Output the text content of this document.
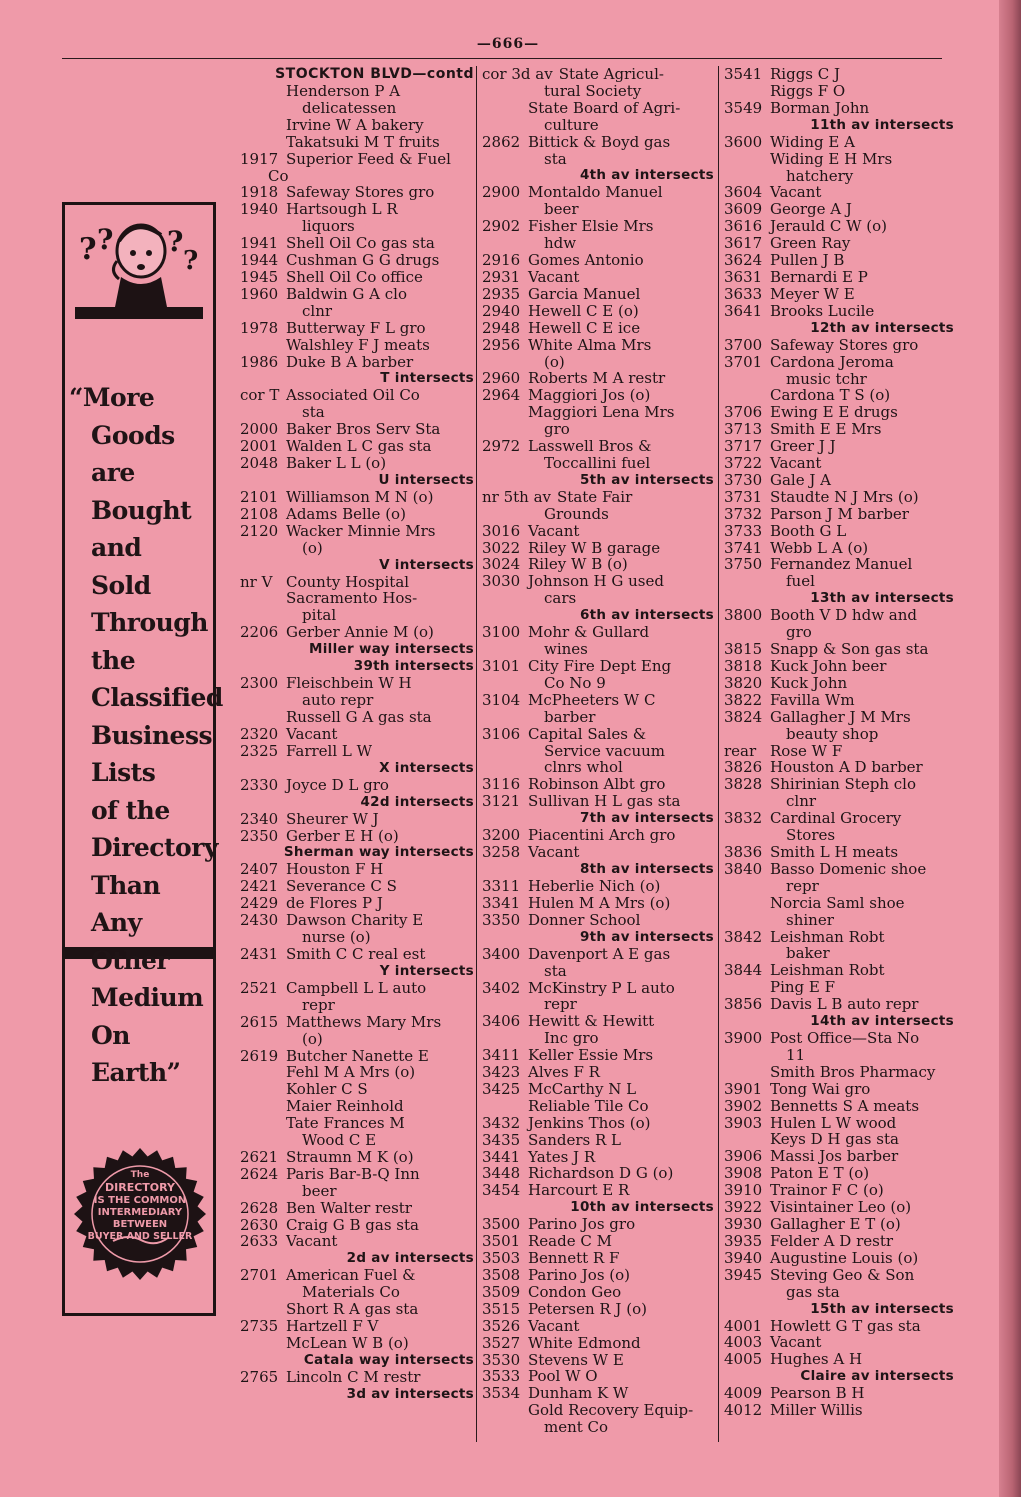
—666—
? ? ?
?
“More
Goods
are
Bought
and
Sold
Through
the
Classified
Business
Lists
of the
Directory
Than
Any
Other
Medium
On
Earth”
The
DIRECTORY
IS THE COMMON
INTERMEDIARY
BETWEEN
BUYER AND SELLER
STOCKTON BLVD—contd
Henderson P A
delicatessen
Irvine W A bakery
Takatsuki M T fruits
1917 Superior Feed & Fuel
Co
1918 Safeway Stores gro
1940 Hartsough L R
liquors
1941 Shell Oil Co gas sta
1944 Cushman G G drugs
1945 Shell Oil Co office
1960 Baldwin G A clo
clnr
1978 Butterway F L gro
Walshley F J meats
1986 Duke B A barber
T intersects
cor T Associated Oil Co
sta
2000 Baker Bros Serv Sta
2001 Walden L C gas sta
2048 Baker L L (o)
U intersects
2101 Williamson M N (o)
2108 Adams Belle (o)
2120 Wacker Minnie Mrs
(o)
V intersects
nr V County Hospital
Sacramento Hos-
pital
2206 Gerber Annie M (o)
Miller way intersects
39th intersects
2300 Fleischbein W H
auto repr
Russell G A gas sta
2320 Vacant
2325 Farrell L W
X intersects
2330 Joyce D L gro
42d intersects
2340 Sheurer W J
2350 Gerber E H (o)
Sherman way intersects
2407 Houston F H
2421 Severance C S
2429 de Flores P J
2430 Dawson Charity E
nurse (o)
2431 Smith C C real est
Y intersects
2521 Campbell L L auto
repr
2615 Matthews Mary Mrs
(o)
2619 Butcher Nanette E
Fehl M A Mrs (o)
Kohler C S
Maier Reinhold
Tate Frances M
Wood C E
2621 Straumn M K (o)
2624 Paris Bar-B-Q Inn
beer
2628 Ben Walter restr
2630 Craig G B gas sta
2633 Vacant
2d av intersects
2701 American Fuel &
Materials Co
Short R A gas sta
2735 Hartzell F V
McLean W B (o)
Catala way intersects
2765 Lincoln C M restr
3d av intersects
cor 3d av State Agricul-
tural Society
State Board of Agri-
culture
2862 Bittick & Boyd gas
sta
4th av intersects
2900 Montaldo Manuel
beer
2902 Fisher Elsie Mrs
hdw
2916 Gomes Antonio
2931 Vacant
2935 Garcia Manuel
2940 Hewell C E (o)
2948 Hewell C E ice
2956 White Alma Mrs
(o)
2960 Roberts M A restr
2964 Maggiori Jos (o)
Maggiori Lena Mrs
gro
2972 Lasswell Bros &
Toccallini fuel
5th av intersects
nr 5th av State Fair
Grounds
3016 Vacant
3022 Riley W B garage
3024 Riley W B (o)
3030 Johnson H G used
cars
6th av intersects
3100 Mohr & Gullard
wines
3101 City Fire Dept Eng
Co No 9
3104 McPheeters W C
barber
3106 Capital Sales &
Service vacuum
clnrs whol
3116 Robinson Albt gro
3121 Sullivan H L gas sta
7th av intersects
3200 Piacentini Arch gro
3258 Vacant
8th av intersects
3311 Heberlie Nich (o)
3341 Hulen M A Mrs (o)
3350 Donner School
9th av intersects
3400 Davenport A E gas
sta
3402 McKinstry P L auto
repr
3406 Hewitt & Hewitt
Inc gro
3411 Keller Essie Mrs
3423 Alves F R
3425 McCarthy N L
Reliable Tile Co
3432 Jenkins Thos (o)
3435 Sanders R L
3441 Yates J R
3448 Richardson D G (o)
3454 Harcourt E R
10th av intersects
3500 Parino Jos gro
3501 Reade C M
3503 Bennett R F
3508 Parino Jos (o)
3509 Condon Geo
3515 Petersen R J (o)
3526 Vacant
3527 White Edmond
3530 Stevens W E
3533 Pool W O
3534 Dunham K W
Gold Recovery Equip-
ment Co
3541 Riggs C J
Riggs F O
3549 Borman John
11th av intersects
3600 Widing E A
Widing E H Mrs
hatchery
3604 Vacant
3609 George A J
3616 Jerauld C W (o)
3617 Green Ray
3624 Pullen J B
3631 Bernardi E P
3633 Meyer W E
3641 Brooks Lucile
12th av intersects
3700 Safeway Stores gro
3701 Cardona Jeroma
music tchr
Cardona T S (o)
3706 Ewing E E drugs
3713 Smith E E Mrs
3717 Greer J J
3722 Vacant
3730 Gale J A
3731 Staudte N J Mrs (o)
3732 Parson J M barber
3733 Booth G L
3741 Webb L A (o)
3750 Fernandez Manuel
fuel
13th av intersects
3800 Booth V D hdw and
gro
3815 Snapp & Son gas sta
3818 Kuck John beer
3820 Kuck John
3822 Favilla Wm
3824 Gallagher J M Mrs
beauty shop
rear Rose W F
3826 Houston A D barber
3828 Shirinian Steph clo
clnr
3832 Cardinal Grocery
Stores
3836 Smith L H meats
3840 Basso Domenic shoe
repr
Norcia Saml shoe
shiner
3842 Leishman Robt
baker
3844 Leishman Robt
Ping E F
3856 Davis L B auto repr
14th av intersects
3900 Post Office—Sta No
11
Smith Bros Pharmacy
3901 Tong Wai gro
3902 Bennetts S A meats
3903 Hulen L W wood
Keys D H gas sta
3906 Massi Jos barber
3908 Paton E T (o)
3910 Trainor F C (o)
3922 Visintainer Leo (o)
3930 Gallagher E T (o)
3935 Felder A D restr
3940 Augustine Louis (o)
3945 Steving Geo & Son
gas sta
15th av intersects
4001 Howlett G T gas sta
4003 Vacant
4005 Hughes A H
Claire av intersects
4009 Pearson B H
4012 Miller Willis
